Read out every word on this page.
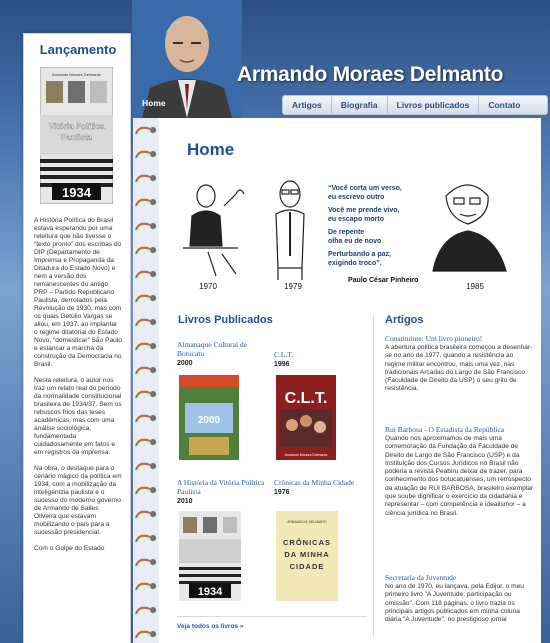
Lançamento
Armando Moraes Delmanto
Vitória Política
Paulista
1934

A História Política do Brasil estava esperando por uma releitura que não tivesse o “texto pronto” dos escribas do DIP (Departamento de Imprensa e Propaganda da Ditadura do Estado Novo) e nem a versão dos remanescentes do antigo PRP – Partido Republicano Paulista, derrotados pela Revolução de 1930, mas com os quais Getúlio Vargas se aliou, em 1937, ao implantar o regime ditatorial do Estado Novo, “domesticar” São Paulo e estancar a marcha da construção da Democracia no Brasil.

Nesta releitura, o autor nos traz um relato real do período da normalidade constitucional brasileira de 1934/37. Sem os rebuscos frios das teses acadêmicas, mas com uma análise sociológica, fundamentada cuidadosamente em fatos e em registros da imprensa.

Na obra, o destaque para o cenário mágico da política em 1934, com a mobilização da inteligentzia paulista e o sucesso do moderno governo de Armando de Salles Oliveira que estavam mobilizando o país para a sucessão presidencial.

Com o Golpe do Estado

Home
Armando Moraes Delmanto
Artigos	Biografia	Livros publicados	Contato
Home
1970	1979
“Você corta um verso,
eu escrevo outro
Você me prende vivo,
eu escapo morto
De repente
olha eu de novo
Perturbando a paz,
exigindo troco”.
Paulo César Pinheiro
1985
Livros Publicados
Almanaque Cultural de Botucatu
2000
2000
C.L.T.
1996
C.L.T.
Armando Moraes Delmanto
A História da Vitória Política Paulista
2010
1934
Crônicas da Minha Cidade
1976
ARMANDO M. DELMANTO
CRÔNICAS DA MINHA CIDADE
Veja todos os livros »
Artigos
Constituinte: Um livro pioneiro!
A abertura política brasileira começou a desenhar-se no ano de 1977, quando a resistência ao regime militar encontrou, mais uma vez, nas tradicionais Arcadas do Largo de São Francisco (Faculdade de Direito da USP) o seu grito de resistência.
Rui Barbosa - O Estadista da República
Quando nos aproximamos de mais uma comemoração da Fundação da Faculdade de Direito de Largo de São Francisco (USP) e da Instituição dos Cursos Jurídicos no Brasil não poderia a revista Peabiru deixar de trazer, para conhecimento dos botucatuenses, um retrospecto da atuação de RUI BARBOSA, brasileiro exemplar que soube dignificar o exercício da cidadania e representar – com competência e idealismo! – a ciência jurídica no Brasil.
Secretaria da Juventude
No ano de 1970, eu lançava, pela Edijor, o meu primeiro livro "A Juventude: participação ou omissão". Com 118 páginas, o livro trazia os principais artigos publicados em minha coluna diária "A Juventude", no prestigioso jornal
